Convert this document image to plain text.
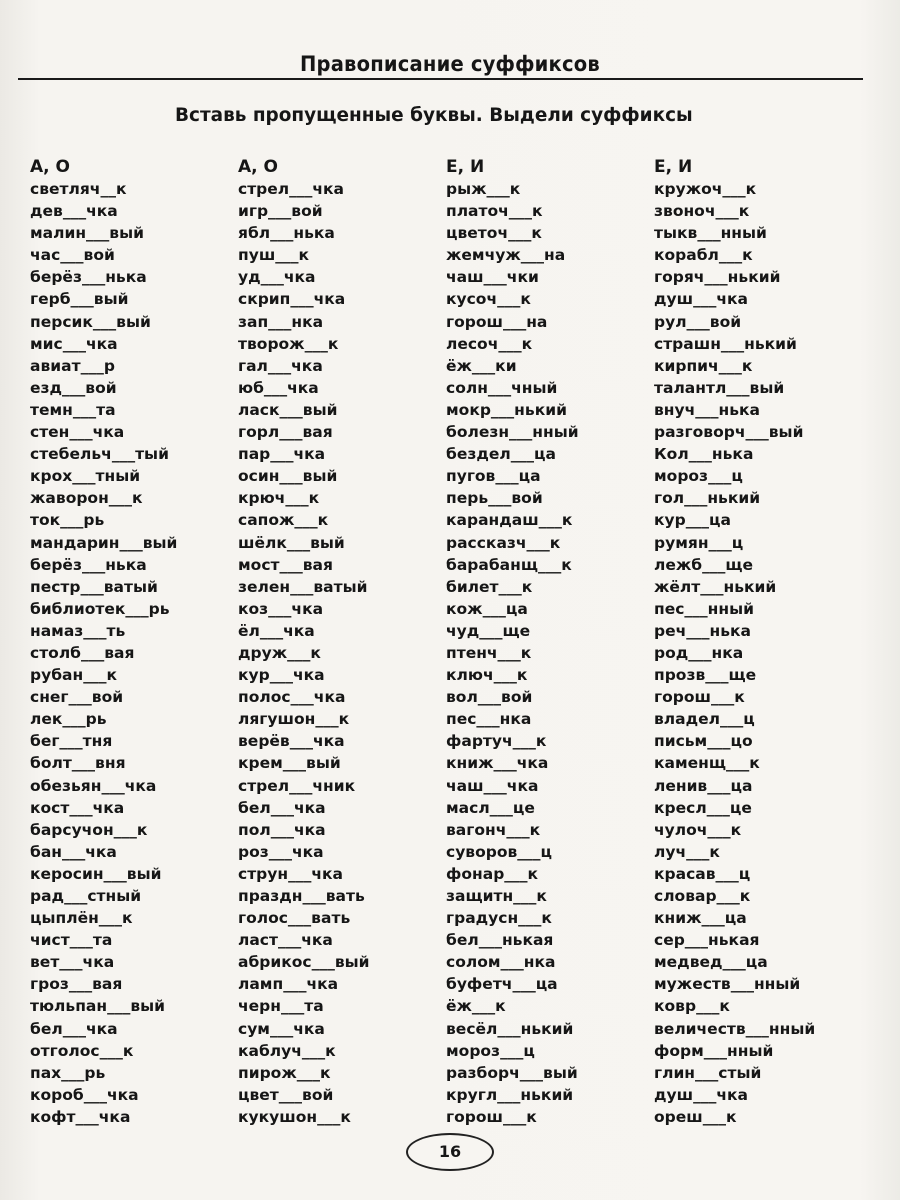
Правописание суффиксов
Вставь пропущенные буквы. Выдели суффиксы
А, О
светляч__к
дев___чка
малин___вый
час___вой
берёз___нька
герб___вый
персик___вый
мис___чка
авиат___р
езд___вой
темн___та
стен___чка
стебельч___тый
крох___тный
жаворон___к
ток___рь
мандарин___вый
берёз___нька
пестр___ватый
библиотек___рь
намаз___ть
столб___вая
рубан___к
снег___вой
лек___рь
бег___тня
болт___вня
обезьян___чка
кост___чка
барсучон___к
бан___чка
керосин___вый
рад___стный
цыплён___к
чист___та
вет___чка
гроз___вая
тюльпан___вый
бел___чка
отголос___к
пах___рь
короб___чка
кофт___чка
А, О
стрел___чка
игр___вой
ябл___нька
пуш___к
уд___чка
скрип___чка
зап___нка
творож___к
гал___чка
юб___чка
ласк___вый
горл___вая
пар___чка
осин___вый
крюч___к
сапож___к
шёлк___вый
мост___вая
зелен___ватый
коз___чка
ёл___чка
друж___к
кур___чка
полос___чка
лягушон___к
верёв___чка
крем___вый
стрел___чник
бел___чка
пол___чка
роз___чка
струн___чка
праздн___вать
голос___вать
ласт___чка
абрикос___вый
ламп___чка
черн___та
сум___чка
каблуч___к
пирож___к
цвет___вой
кукушон___к
Е, И
рыж___к
платоч___к
цветоч___к
жемчуж___на
чаш___чки
кусоч___к
горош___на
лесоч___к
ёж___ки
солн___чный
мокр___нький
болезн___нный
бездел___ца
пугов___ца
перь___вой
карандаш___к
рассказч___к
барабанщ___к
билет___к
кож___ца
чуд___ще
птенч___к
ключ___к
вол___вой
пес___нка
фартуч___к
книж___чка
чаш___чка
масл___це
вагонч___к
суворов___ц
фонар___к
защитн___к
градусн___к
бел___нькая
солом___нка
буфетч___ца
ёж___к
весёл___нький
мороз___ц
разборч___вый
кругл___нький
горош___к
Е, И
кружоч___к
звоноч___к
тыкв___нный
корабл___к
горяч___нький
душ___чка
рул___вой
страшн___нький
кирпич___к
талантл___вый
внуч___нька
разговорч___вый
Кол___нька
мороз___ц
гол___нький
кур___ца
румян___ц
лежб___ще
жёлт___нький
пес___нный
реч___нька
род___нка
прозв___ще
горош___к
владел___ц
письм___цо
каменщ___к
ленив___ца
кресл___це
чулоч___к
луч___к
красав___ц
словар___к
книж___ца
сер___нькая
медвед___ца
мужеств___нный
ковр___к
величеств___нный
форм___нный
глин___стый
душ___чка
ореш___к
16
